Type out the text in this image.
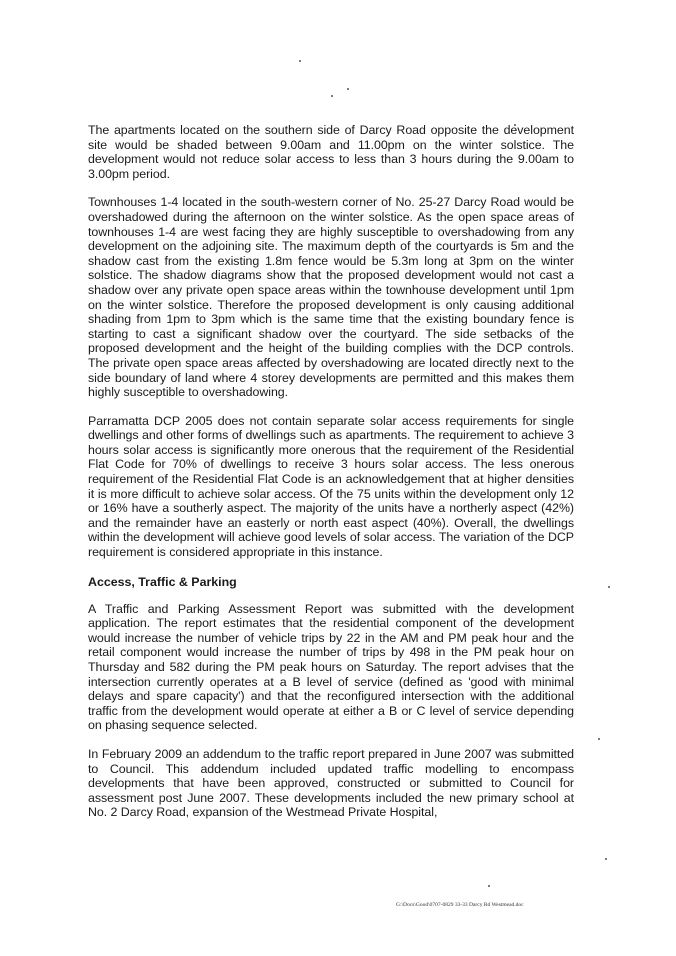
The apartments located on the southern side of Darcy Road opposite the development site would be shaded between 9.00am and 11.00pm on the winter solstice. The development would not reduce solar access to less than 3 hours during the 9.00am to 3.00pm period.

Townhouses 1-4 located in the south-western corner of No. 25-27 Darcy Road would be overshadowed during the afternoon on the winter solstice. As the open space areas of townhouses 1-4 are west facing they are highly susceptible to overshadowing from any development on the adjoining site. The maximum depth of the courtyards is 5m and the shadow cast from the existing 1.8m fence would be 5.3m long at 3pm on the winter solstice. The shadow diagrams show that the proposed development would not cast a shadow over any private open space areas within the townhouse development until 1pm on the winter solstice. Therefore the proposed development is only causing additional shading from 1pm to 3pm which is the same time that the existing boundary fence is starting to cast a significant shadow over the courtyard. The side setbacks of the proposed development and the height of the building complies with the DCP controls. The private open space areas affected by overshadowing are located directly next to the side boundary of land where 4 storey developments are permitted and this makes them highly susceptible to overshadowing.

Parramatta DCP 2005 does not contain separate solar access requirements for single dwellings and other forms of dwellings such as apartments. The requirement to achieve 3 hours solar access is significantly more onerous that the requirement of the Residential Flat Code for 70% of dwellings to receive 3 hours solar access. The less onerous requirement of the Residential Flat Code is an acknowledgement that at higher densities it is more difficult to achieve solar access. Of the 75 units within the development only 12 or 16% have a southerly aspect. The majority of the units have a northerly aspect (42%) and the remainder have an easterly or north east aspect (40%). Overall, the dwellings within the development will achieve good levels of solar access. The variation of the DCP requirement is considered appropriate in this instance.

Access, Traffic & Parking

A Traffic and Parking Assessment Report was submitted with the development application. The report estimates that the residential component of the development would increase the number of vehicle trips by 22 in the AM and PM peak hour and the retail component would increase the number of trips by 498 in the PM peak hour on Thursday and 582 during the PM peak hours on Saturday. The report advises that the intersection currently operates at a B level of service (defined as 'good with minimal delays and spare capacity') and that the reconfigured intersection with the additional traffic from the development would operate at either a B or C level of service depending on phasing sequence selected.

In February 2009 an addendum to the traffic report prepared in June 2007 was submitted to Council. This addendum included updated traffic modelling to encompass developments that have been approved, constructed or submitted to Council for assessment post June 2007. These developments included the new primary school at No. 2 Darcy Road, expansion of the Westmead Private Hospital,

G:\Docs\Good\0707-0829 33-33 Darcy Rd Westmead.doc
